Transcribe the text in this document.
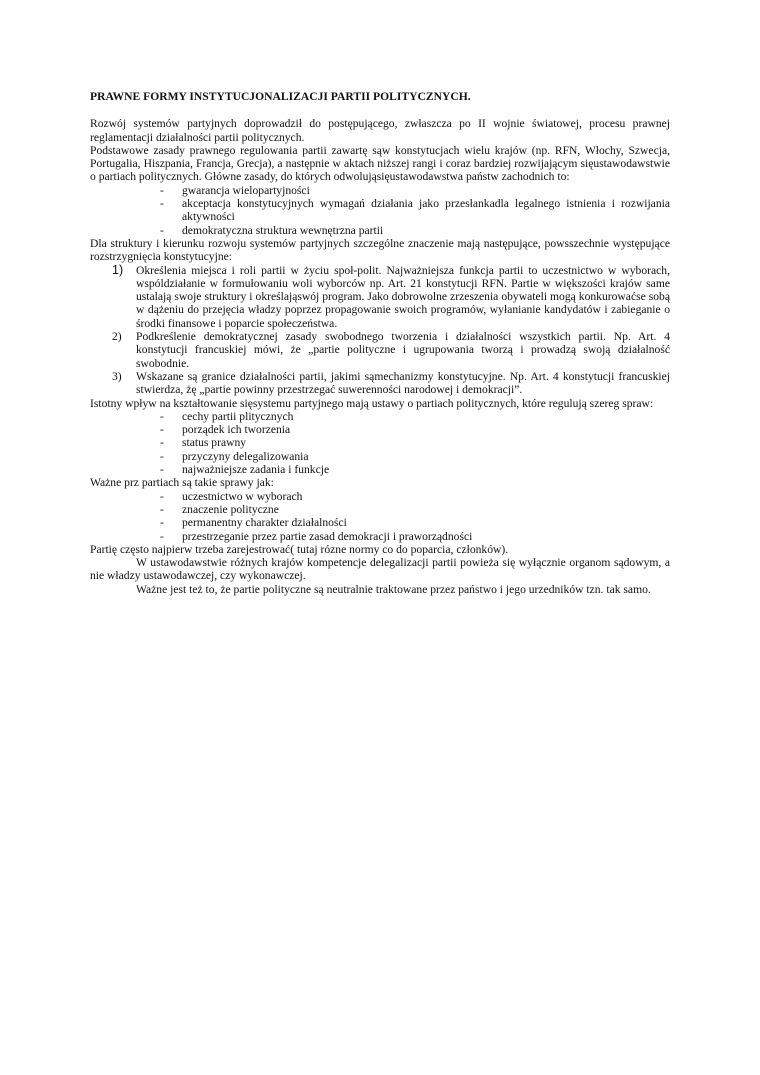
PRAWNE FORMY INSTYTUCJONALIZACJI PARTII POLITYCZNYCH.

Rozwój systemów partyjnych doprowadził do postępującego, zwłaszcza po II wojnie światowej, procesu prawnej reglamentacji działalności partii politycznych.

Podstawowe zasady prawnego regulowania partii zawartę sąw konstytucjach wielu krajów (np. RFN, Włochy, Szwecja, Portugalia, Hiszpania, Francja, Grecja), a następnie w aktach niższej rangi i coraz bardziej rozwijającym sięustawodawstwie o partiach politycznych. Główne zasady, do których odwolująsięustawodawstwa państw zachodnich to:

- gwarancja wielopartyjności
- akceptacja konstytucyjnych wymagań działania jako przesłankadla legalnego istnienia i rozwijania aktywności
- demokratyczna struktura wewnętrzna partii

Dla struktury i kierunku rozwoju systemów partyjnych szczególne znaczenie mają następujące, powsszechnie występujące rozstrzygnięcia konstytucyjne:

1) Określenia miejsca i roli partii w życiu społ-polit. Najważniejsza funkcja partii to uczestnictwo w wyborach, wspóldziałanie w formułowaniu woli wyborców np. Art. 21 konstytucji RFN. Partie w większości krajów same ustalają swoje struktury i określająswój program. Jako dobrowolne zrzeszenia obywateli mogą konkurowaćse sobą w dążeniu do przejęcia władzy poprzez propagowanie swoich programów, wyłanianie kandydatów i zabieganie o środki finansowe i poparcie społeczeństwa.
2) Podkreślenie demokratycznej zasady swobodnego tworzenia i działalności wszystkich partii. Np. Art. 4 konstytucji francuskiej mówi, że „partie polityczne i ugrupowania tworzą i prowadzą swoją działalność swobodnie.
3) Wskazane są granice działalności partii, jakimi sąmechanizmy konstytucyjne. Np. Art. 4 konstytucji francuskiej stwierdza, żę „partie powinny przestrzegać suwerenności narodowej i demokracji”.

Istotny wpływ na kształtowanie sięsystemu partyjnego mają ustawy o partiach politycznych, które regulują szereg spraw:

- cechy partii plitycznych
- porządek ich tworzenia
- status prawny
- przyczyny delegalizowania
- najważniejsze zadania i funkcje

Ważne prz partiach są takie sprawy jak:

- uczestnictwo w wyborach
- znaczenie polityczne
- permanentny charakter działalności
- przestrzeganie przez partie zasad demokracji i praworządności

Partię często najpierw trzeba zarejestrować( tutaj rózne normy co do poparcia, członków).

W ustawodawstwie różnych krajów kompetencje delegalizacji partii powieża się wyłącznie organom sądowym, a nie władzy ustawodawczej, czy wykonawczej.

Ważne jest też to, że partie polityczne są neutralnie traktowane przez państwo i jego urzedników tzn. tak samo.
